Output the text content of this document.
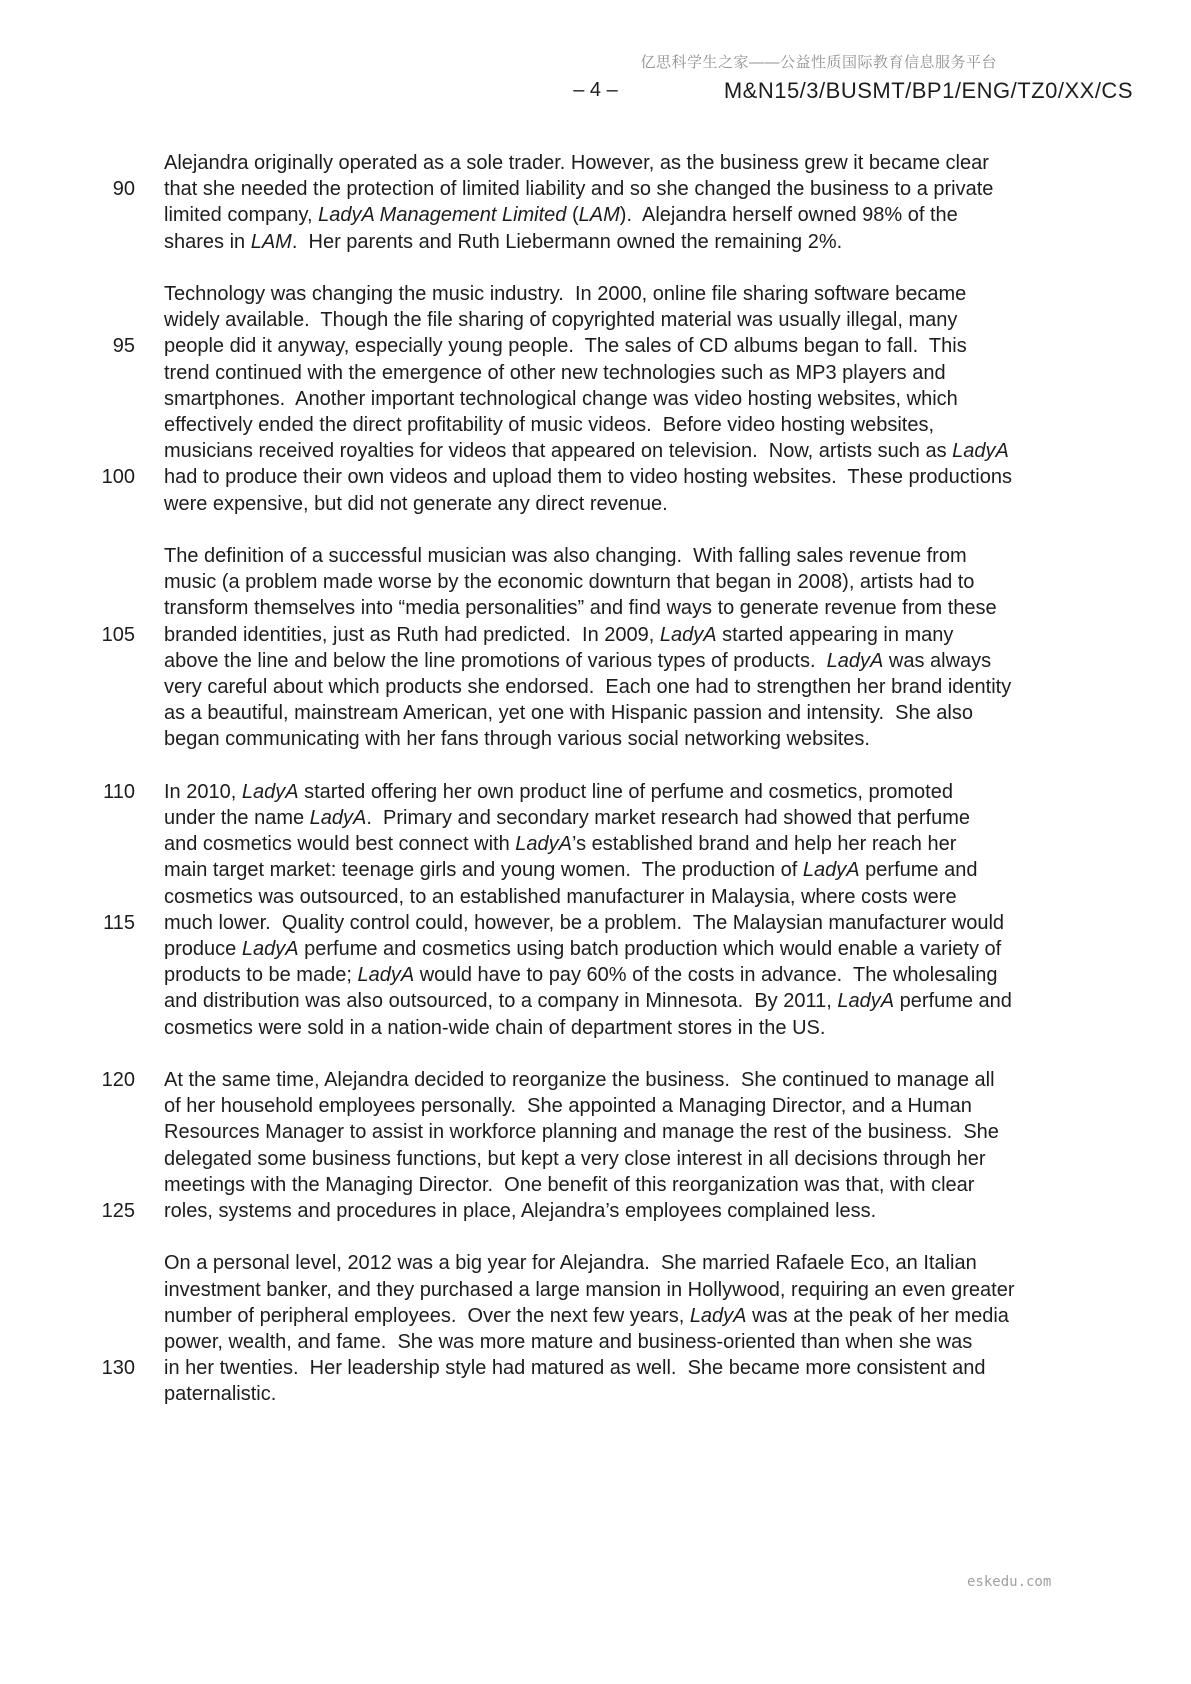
亿思科学生之家——公益性质国际教育信息服务平台
– 4 –	M&N15/3/BUSMT/BP1/ENG/TZ0/XX/CS
Alejandra originally operated as a sole trader. However, as the business grew it became clear
90 that she needed the protection of limited liability and so she changed the business to a private
limited company, LadyA Management Limited (LAM).  Alejandra herself owned 98% of the
shares in LAM.  Her parents and Ruth Liebermann owned the remaining 2%.
Technology was changing the music industry.  In 2000, online file sharing software became
widely available.  Though the file sharing of copyrighted material was usually illegal, many
95 people did it anyway, especially young people.  The sales of CD albums began to fall.  This
trend continued with the emergence of other new technologies such as MP3 players and
smartphones.  Another important technological change was video hosting websites, which
effectively ended the direct profitability of music videos.  Before video hosting websites,
musicians received royalties for videos that appeared on television.  Now, artists such as LadyA
100 had to produce their own videos and upload them to video hosting websites.  These productions
were expensive, but did not generate any direct revenue.
The definition of a successful musician was also changing.  With falling sales revenue from
music (a problem made worse by the economic downturn that began in 2008), artists had to
transform themselves into “media personalities” and find ways to generate revenue from these
105 branded identities, just as Ruth had predicted.  In 2009, LadyA started appearing in many
above the line and below the line promotions of various types of products.  LadyA was always
very careful about which products she endorsed.  Each one had to strengthen her brand identity
as a beautiful, mainstream American, yet one with Hispanic passion and intensity.  She also
began communicating with her fans through various social networking websites.
110 In 2010, LadyA started offering her own product line of perfume and cosmetics, promoted
under the name LadyA.  Primary and secondary market research had showed that perfume
and cosmetics would best connect with LadyA’s established brand and help her reach her
main target market: teenage girls and young women.  The production of LadyA perfume and
cosmetics was outsourced, to an established manufacturer in Malaysia, where costs were
115 much lower.  Quality control could, however, be a problem.  The Malaysian manufacturer would
produce LadyA perfume and cosmetics using batch production which would enable a variety of
products to be made; LadyA would have to pay 60% of the costs in advance.  The wholesaling
and distribution was also outsourced, to a company in Minnesota.  By 2011, LadyA perfume and
cosmetics were sold in a nation-wide chain of department stores in the US.
120 At the same time, Alejandra decided to reorganize the business.  She continued to manage all
of her household employees personally.  She appointed a Managing Director, and a Human
Resources Manager to assist in workforce planning and manage the rest of the business.  She
delegated some business functions, but kept a very close interest in all decisions through her
meetings with the Managing Director.  One benefit of this reorganization was that, with clear
125 roles, systems and procedures in place, Alejandra’s employees complained less.
On a personal level, 2012 was a big year for Alejandra.  She married Rafaele Eco, an Italian
investment banker, and they purchased a large mansion in Hollywood, requiring an even greater
number of peripheral employees.  Over the next few years, LadyA was at the peak of her media
power, wealth, and fame.  She was more mature and business-oriented than when she was
130 in her twenties.  Her leadership style had matured as well.  She became more consistent and
paternalistic.
eskedu.com
